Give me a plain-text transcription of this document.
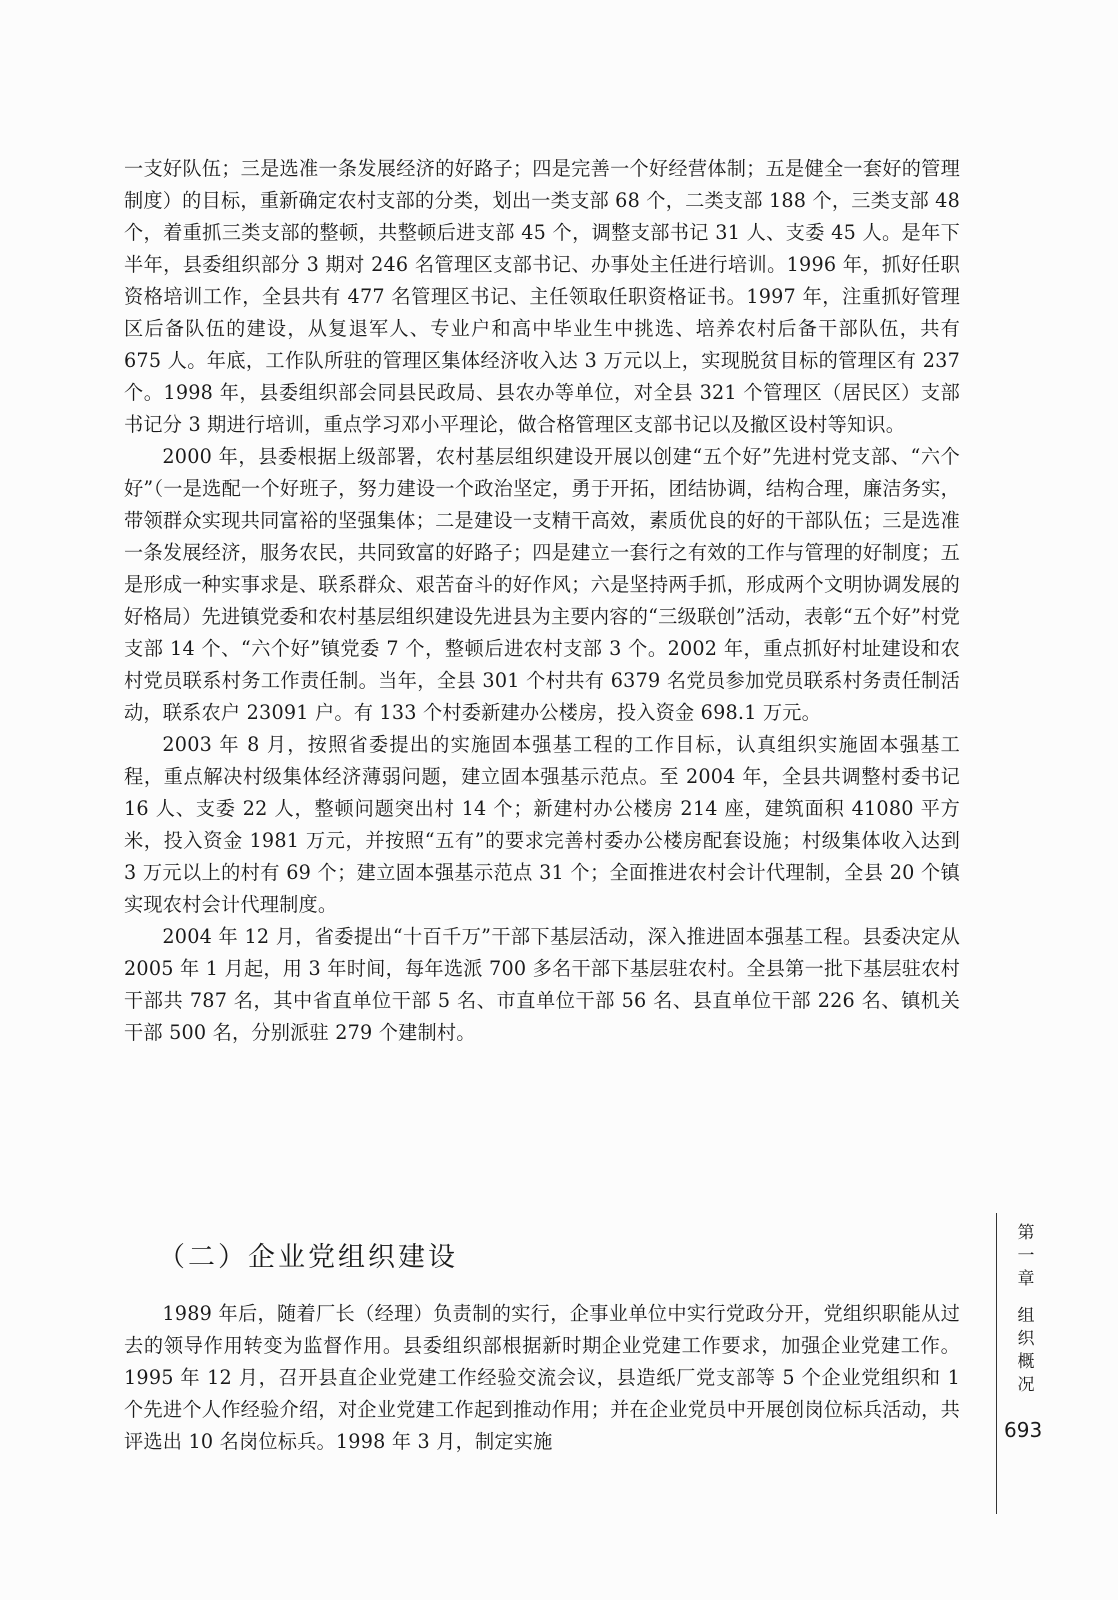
一支好队伍；三是选准一条发展经济的好路子；四是完善一个好经营体制；五是健全一套好的管理制度）的目标，重新确定农村支部的分类，划出一类支部 68 个，二类支部 188 个，三类支部 48 个，着重抓三类支部的整顿，共整顿后进支部 45 个，调整支部书记 31 人、支委 45 人。是年下半年，县委组织部分 3 期对 246 名管理区支部书记、办事处主任进行培训。1996 年，抓好任职资格培训工作，全县共有 477 名管理区书记、主任领取任职资格证书。1997 年，注重抓好管理区后备队伍的建设，从复退军人、专业户和高中毕业生中挑选、培养农村后备干部队伍，共有 675 人。年底，工作队所驻的管理区集体经济收入达 3 万元以上，实现脱贫目标的管理区有 237 个。1998 年，县委组织部会同县民政局、县农办等单位，对全县 321 个管理区（居民区）支部书记分 3 期进行培训，重点学习邓小平理论，做合格管理区支部书记以及撤区设村等知识。

2000 年，县委根据上级部署，农村基层组织建设开展以创建“五个好”先进村党支部、“六个好”（一是选配一个好班子，努力建设一个政治坚定，勇于开拓，团结协调，结构合理，廉洁务实，带领群众实现共同富裕的坚强集体；二是建设一支精干高效，素质优良的好的干部队伍；三是选准一条发展经济，服务农民，共同致富的好路子；四是建立一套行之有效的工作与管理的好制度；五是形成一种实事求是、联系群众、艰苦奋斗的好作风；六是坚持两手抓，形成两个文明协调发展的好格局）先进镇党委和农村基层组织建设先进县为主要内容的“三级联创”活动，表彰“五个好”村党支部 14 个、“六个好”镇党委 7 个，整顿后进农村支部 3 个。2002 年，重点抓好村址建设和农村党员联系村务工作责任制。当年，全县 301 个村共有 6379 名党员参加党员联系村务责任制活动，联系农户 23091 户。有 133 个村委新建办公楼房，投入资金 698.1 万元。

2003 年 8 月，按照省委提出的实施固本强基工程的工作目标，认真组织实施固本强基工程，重点解决村级集体经济薄弱问题，建立固本强基示范点。至 2004 年，全县共调整村委书记 16 人、支委 22 人，整顿问题突出村 14 个；新建村办公楼房 214 座，建筑面积 41080 平方米，投入资金 1981 万元，并按照“五有”的要求完善村委办公楼房配套设施；村级集体收入达到 3 万元以上的村有 69 个；建立固本强基示范点 31 个；全面推进农村会计代理制，全县 20 个镇实现农村会计代理制度。

2004 年 12 月，省委提出“十百千万”干部下基层活动，深入推进固本强基工程。县委决定从 2005 年 1 月起，用 3 年时间，每年选派 700 多名干部下基层驻农村。全县第一批下基层驻农村干部共 787 名，其中省直单位干部 5 名、市直单位干部 56 名、县直单位干部 226 名、镇机关干部 500 名，分别派驻 279 个建制村。

（二）企业党组织建设

1989 年后，随着厂长（经理）负责制的实行，企事业单位中实行党政分开，党组织职能从过去的领导作用转变为监督作用。县委组织部根据新时期企业党建工作要求，加强企业党建工作。1995 年 12 月，召开县直企业党建工作经验交流会议，县造纸厂党支部等 5 个企业党组织和 1 个先进个人作经验介绍，对企业党建工作起到推动作用；并在企业党员中开展创岗位标兵活动，共评选出 10 名岗位标兵。1998 年 3 月，制定实施

第
一
章
组
织
概
况
693
